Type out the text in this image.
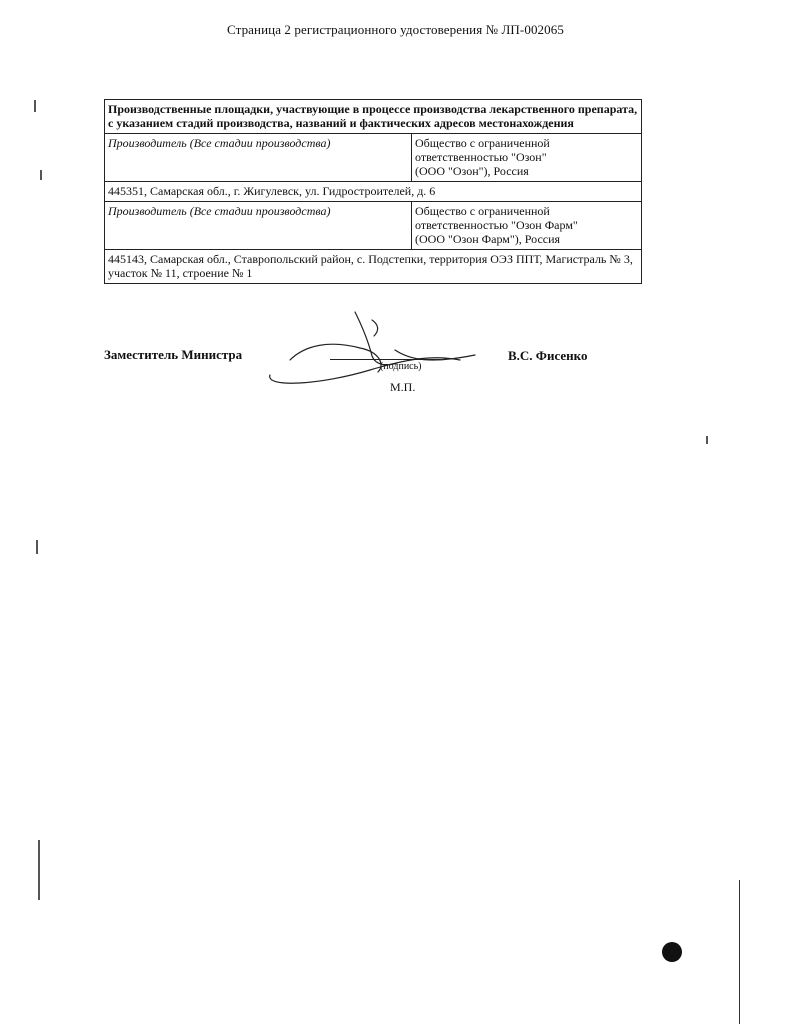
Страница 2 регистрационного удостоверения № ЛП-002065
Производственные площадки, участвующие в процессе производства лекарственного препарата, с указанием стадий производства, названий и фактических адресов местонахождения	
Производитель (Все стадии производства)	Общество с ограниченной
ответственностью "Озон"
(ООО "Озон"), Россия

445351, Самарская обл., г. Жигулевск, ул. Гидростроителей, д. 6	
Производитель (Все стадии производства)	Общество с ограниченной
ответственностью "Озон Фарм"
(ООО "Озон Фарм"), Россия

445143, Самарская обл., Ставропольский район, с. Подстепки, территория ОЭЗ ППТ, Магистраль № 3, участок № 11, строение № 1	
Заместитель Министра	В.С. Фисенко
(подпись)
М.П.
